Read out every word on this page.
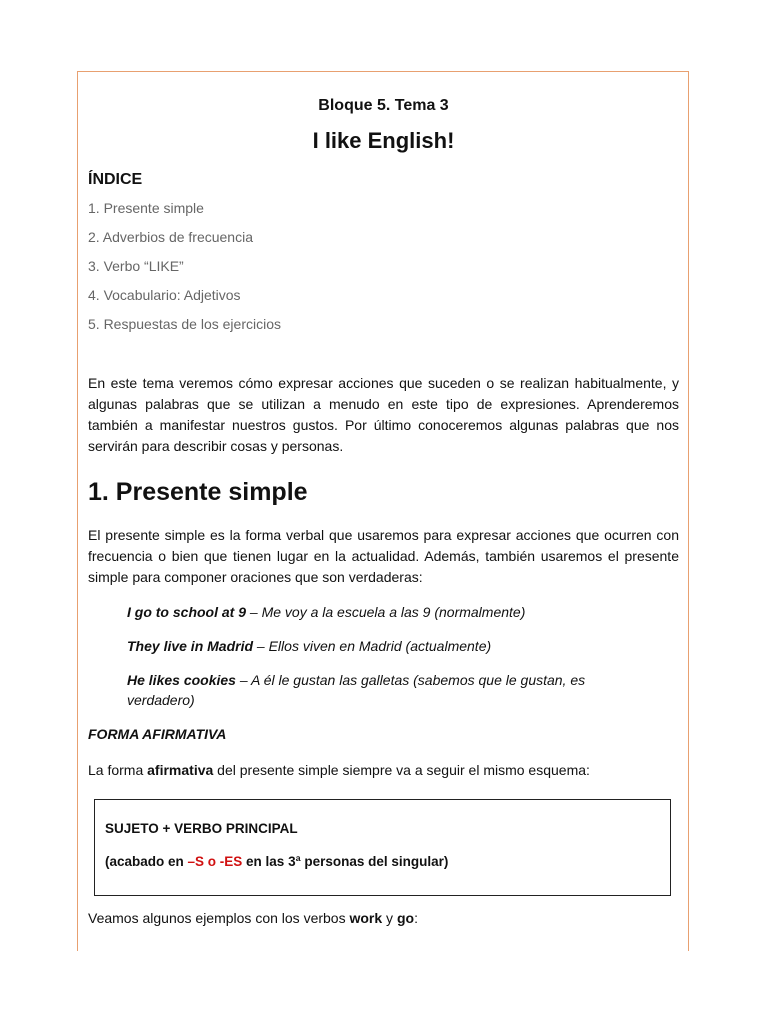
Bloque 5. Tema 3

I like English!

ÍNDICE

1. Presente simple
2. Adverbios de frecuencia
3. Verbo “LIKE”
4. Vocabulario: Adjetivos
5. Respuestas de los ejercicios

En este tema veremos cómo expresar acciones que suceden o se realizan habitualmente, y algunas palabras que se utilizan a menudo en este tipo de expresiones. Aprenderemos también a manifestar nuestros gustos. Por último conoceremos algunas palabras que nos servirán para describir cosas y personas.

1. Presente simple

El presente simple es la forma verbal que usaremos para expresar acciones que ocurren con frecuencia o bien que tienen lugar en la actualidad. Además, también usaremos el presente simple para componer oraciones que son verdaderas:

I go to school at 9 – Me voy a la escuela a las 9 (normalmente)

They live in Madrid – Ellos viven en Madrid (actualmente)

He likes cookies – A él le gustan las galletas (sabemos que le gustan, es verdadero)

FORMA AFIRMATIVA

La forma afirmativa del presente simple siempre va a seguir el mismo esquema:

SUJETO + VERBO PRINCIPAL

(acabado en –S o -ES en las 3ª personas del singular)

Veamos algunos ejemplos con los verbos work y go:
